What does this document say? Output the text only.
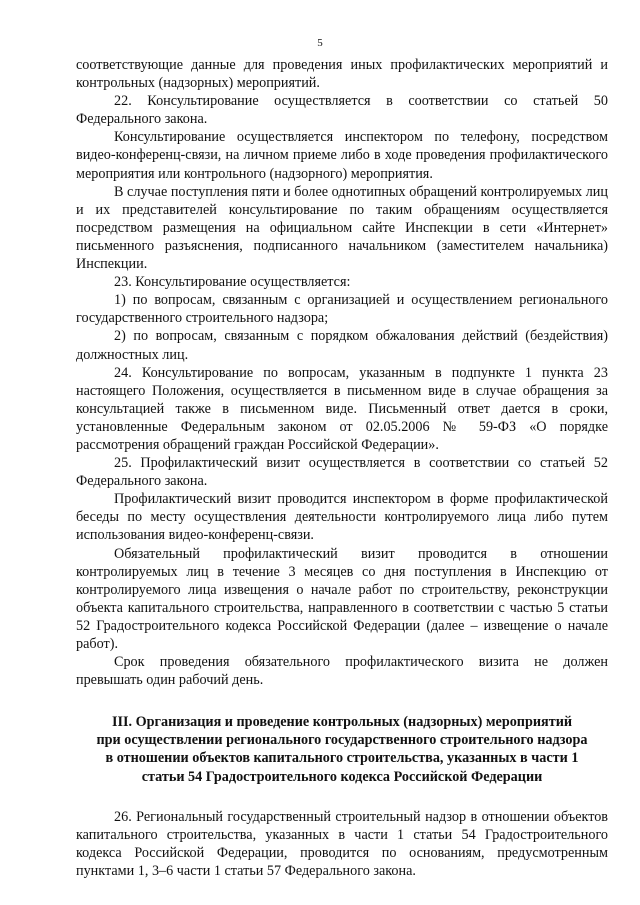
5

соответствующие данные для проведения иных профилактических мероприятий и контрольных (надзорных) мероприятий.

22. Консультирование осуществляется в соответствии со статьей 50 Федерального закона.

Консультирование осуществляется инспектором по телефону, посредством видео-конференц-связи, на личном приеме либо в ходе проведения профилактического мероприятия или контрольного (надзорного) мероприятия.

В случае поступления пяти и более однотипных обращений контролируемых лиц и их представителей консультирование по таким обращениям осуществляется посредством размещения на официальном сайте Инспекции в сети «Интернет» письменного разъяснения, подписанного начальником (заместителем начальника) Инспекции.

23. Консультирование осуществляется:

1) по вопросам, связанным с организацией и осуществлением регионального государственного строительного надзора;

2) по вопросам, связанным с порядком обжалования действий (бездействия) должностных лиц.

24. Консультирование по вопросам, указанным в подпункте 1 пункта 23 настоящего Положения, осуществляется в письменном виде в случае обращения за консультацией также в письменном виде. Письменный ответ дается в сроки, установленные Федеральным законом от 02.05.2006 № 59-ФЗ «О порядке рассмотрения обращений граждан Российской Федерации».

25. Профилактический визит осуществляется в соответствии со статьей 52 Федерального закона.

Профилактический визит проводится инспектором в форме профилактической беседы по месту осуществления деятельности контролируемого лица либо путем использования видео-конференц-связи.

Обязательный профилактический визит проводится в отношении контролируемых лиц в течение 3 месяцев со дня поступления в Инспекцию от контролируемого лица извещения о начале работ по строительству, реконструкции объекта капитального строительства, направленного в соответствии с частью 5 статьи 52 Градостроительного кодекса Российской Федерации (далее – извещение о начале работ).

Срок проведения обязательного профилактического визита не должен превышать один рабочий день.

III. Организация и проведение контрольных (надзорных) мероприятий
при осуществлении регионального государственного строительного надзора
в отношении объектов капитального строительства, указанных в части 1
статьи 54 Градостроительного кодекса Российской Федерации

26. Региональный государственный строительный надзор в отношении объектов капитального строительства, указанных в части 1 статьи 54 Градостроительного кодекса Российской Федерации, проводится по основаниям, предусмотренным пунктами 1, 3–6 части 1 статьи 57 Федерального закона.
